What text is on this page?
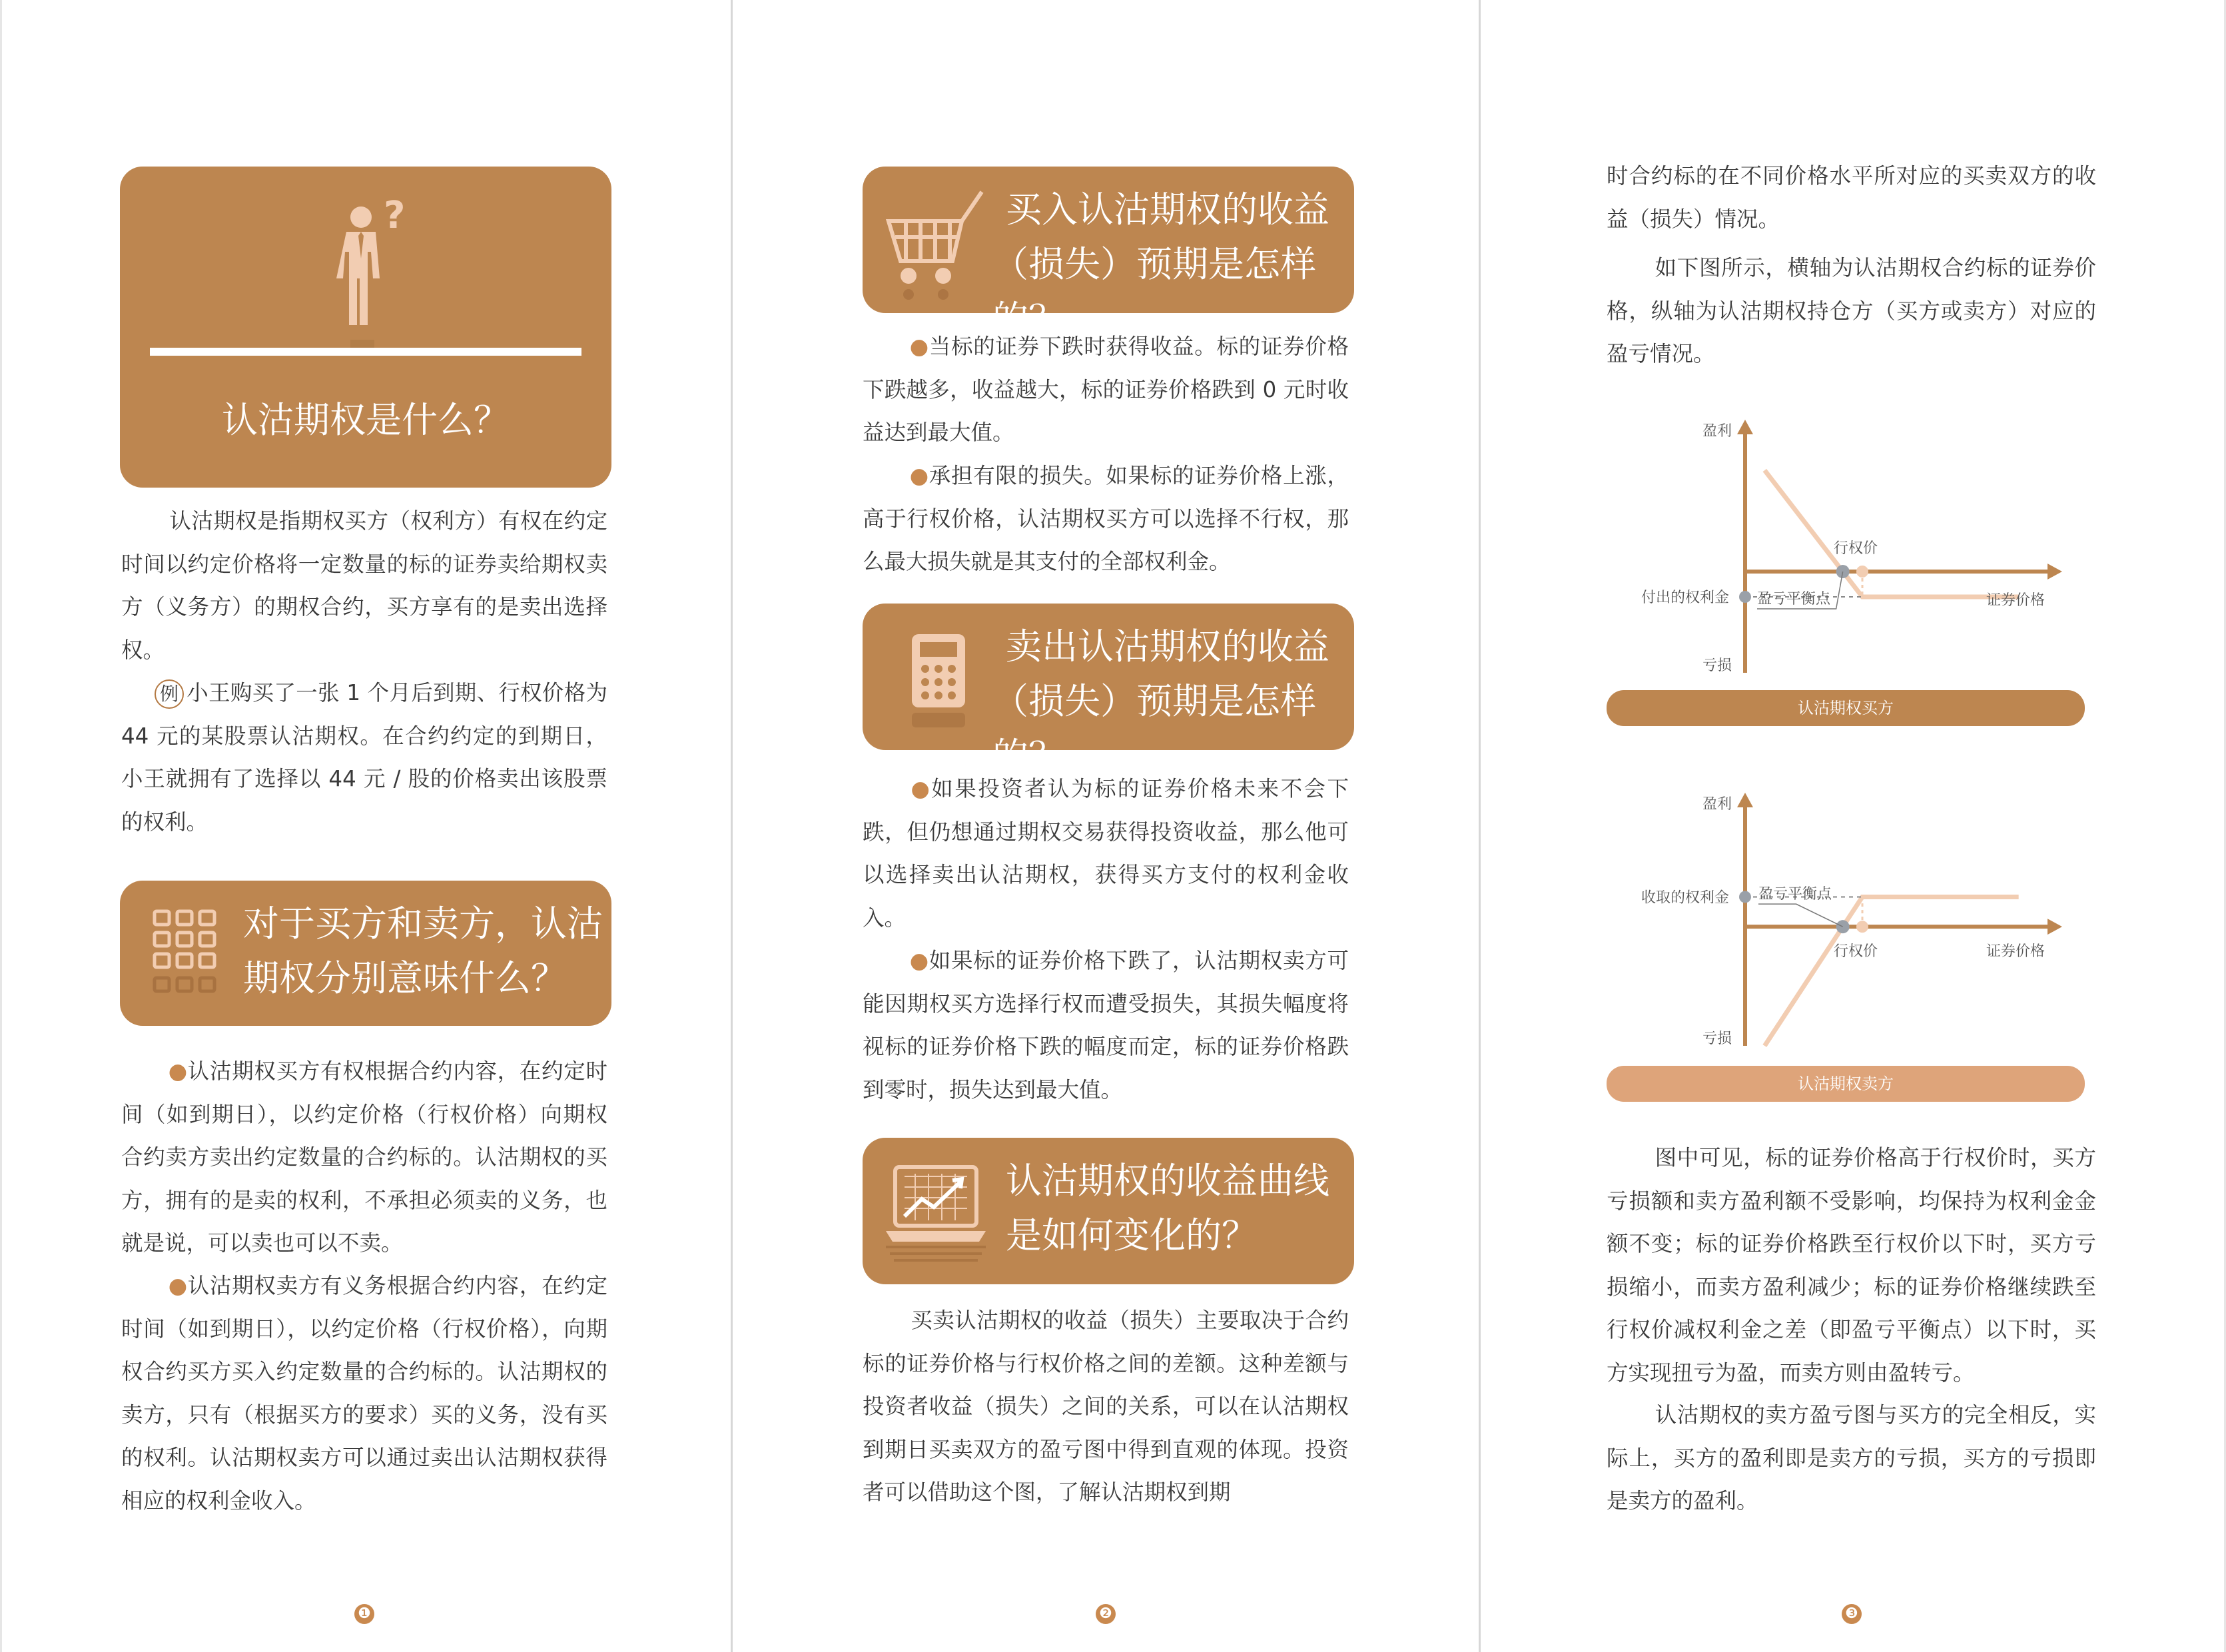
?
认沽期权是什么？

认沽期权是指期权买方（权利方）有权在约定时间以约定价格将一定数量的标的证券卖给期权卖方（义务方）的期权合约，买方享有的是卖出选择权。

例 小王购买了一张 1 个月后到期、行权价格为 44 元的某股票认沽期权。在合约约定的到期日，小王就拥有了选择以 44 元 / 股的价格卖出该股票的权利。

对于买方和卖方，认沽
期权分别意味什么？

●认沽期权买方有权根据合约内容，在约定时间（如到期日），以约定价格（行权价格）向期权合约卖方卖出约定数量的合约标的。认沽期权的买方，拥有的是卖的权利，不承担必须卖的义务，也就是说，可以卖也可以不卖。

●认沽期权卖方有义务根据合约内容，在约定时间（如到期日），以约定价格（行权价格），向期权合约买方买入约定数量的合约标的。认沽期权的卖方，只有（根据买方的要求）买的义务，没有买的权利。认沽期权卖方可以通过卖出认沽期权获得相应的权利金收入。

❶
买入认沽期权的收益
（损失）预期是怎样的？

●当标的证券下跌时获得收益。标的证券价格下跌越多，收益越大，标的证券价格跌到 0 元时收益达到最大值。

●承担有限的损失。如果标的证券价格上涨，高于行权价格，认沽期权买方可以选择不行权，那么最大损失就是其支付的全部权利金。

卖出认沽期权的收益
（损失）预期是怎样的？

●如果投资者认为标的证券价格未来不会下跌，但仍想通过期权交易获得投资收益，那么他可以选择卖出认沽期权，获得买方支付的权利金收入。

●如果标的证券价格下跌了，认沽期权卖方可能因期权买方选择行权而遭受损失，其损失幅度将视标的证券价格下跌的幅度而定，标的证券价格跌到零时，损失达到最大值。

认沽期权的收益曲线
是如何变化的？

买卖认沽期权的收益（损失）主要取决于合约标的证券价格与行权价格之间的差额。这种差额与投资者收益（损失）之间的关系，可以在认沽期权到期日买卖双方的盈亏图中得到直观的体现。投资者可以借助这个图，了解认沽期权到期

❷

时合约标的在不同价格水平所对应的买卖双方的收益（损失）情况。

如下图所示，横轴为认沽期权合约标的证券价格，纵轴为认沽期权持仓方（买方或卖方）对应的盈亏情况。

盈利
亏损
付出的权利金	证券价格
行权价
盈亏平衡点
认沽期权买方
盈利
亏损
收取的权利金
证券价格
行权价
盈亏平衡点
认沽期权卖方

图中可见，标的证券价格高于行权价时，买方亏损额和卖方盈利额不受影响，均保持为权利金金额不变；标的证券价格跌至行权价以下时，买方亏损缩小，而卖方盈利减少；标的证券价格继续跌至行权价减权利金之差（即盈亏平衡点）以下时，买方实现扭亏为盈，而卖方则由盈转亏。

认沽期权的卖方盈亏图与买方的完全相反，实际上，买方的盈利即是卖方的亏损，买方的亏损即是卖方的盈利。

❸
